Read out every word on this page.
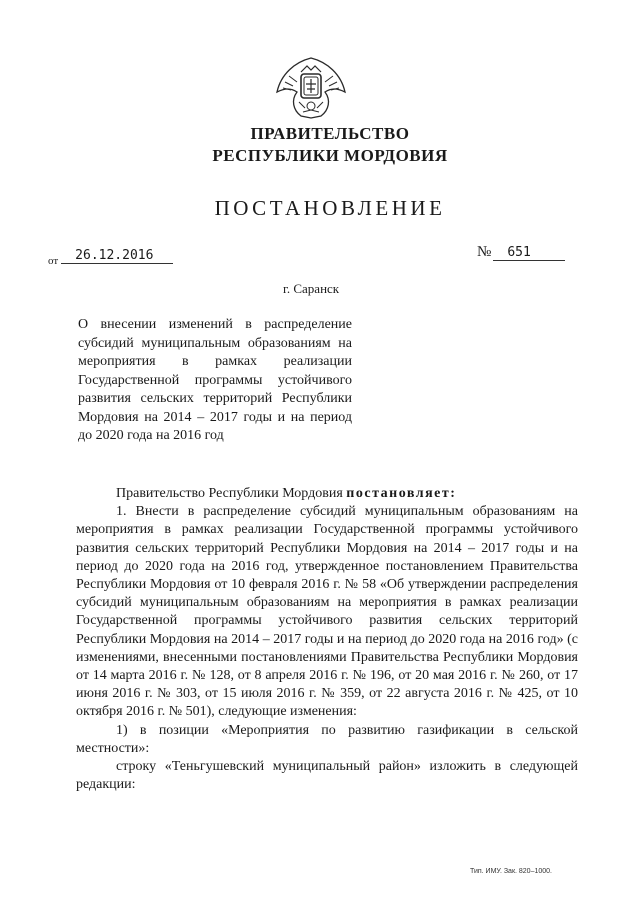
ПРАВИТЕЛЬСТВО
РЕСПУБЛИКИ МОРДОВИЯ
ПОСТАНОВЛЕНИЕ
$_{от}$ 26.12.2016	№ 651
г. Саранск

О внесении изменений в распределение субсидий муниципальным образованиям на мероприятия в рамках реализации Государственной программы устойчивого развития сельских территорий Республики Мордовия на 2014 – 2017 годы и на период до 2020 года на 2016 год

Правительство Республики Мордовия постановляет:

1. Внести в распределение субсидий муниципальным образованиям на мероприятия в рамках реализации Государственной программы устойчивого развития сельских территорий Республики Мордовия на 2014 – 2017 годы и на период до 2020 года на 2016 год, утвержденное постановлением Правительства Республики Мордовия от 10 февраля 2016 г. № 58 «Об утверждении распределения субсидий муниципальным образованиям на мероприятия в рамках реализации Государственной программы устойчивого развития сельских территорий Республики Мордовия на 2014 – 2017 годы и на период до 2020 года на 2016 год» (с изменениями, внесенными постановлениями Правительства Республики Мордовия от 14 марта 2016 г. № 128, от 8 апреля 2016 г. № 196, от 20 мая 2016 г. № 260, от 17 июня 2016 г. № 303, от 15 июля 2016 г. № 359, от 22 августа 2016 г. № 425, от 10 октября 2016 г. № 501), следующие изменения:

1) в позиции «Мероприятия по развитию газификации в сельской местности»:

строку «Теньгушевский муниципальный район» изложить в следующей редакции:

Тип. ИМУ. Зак. 820–1000.
